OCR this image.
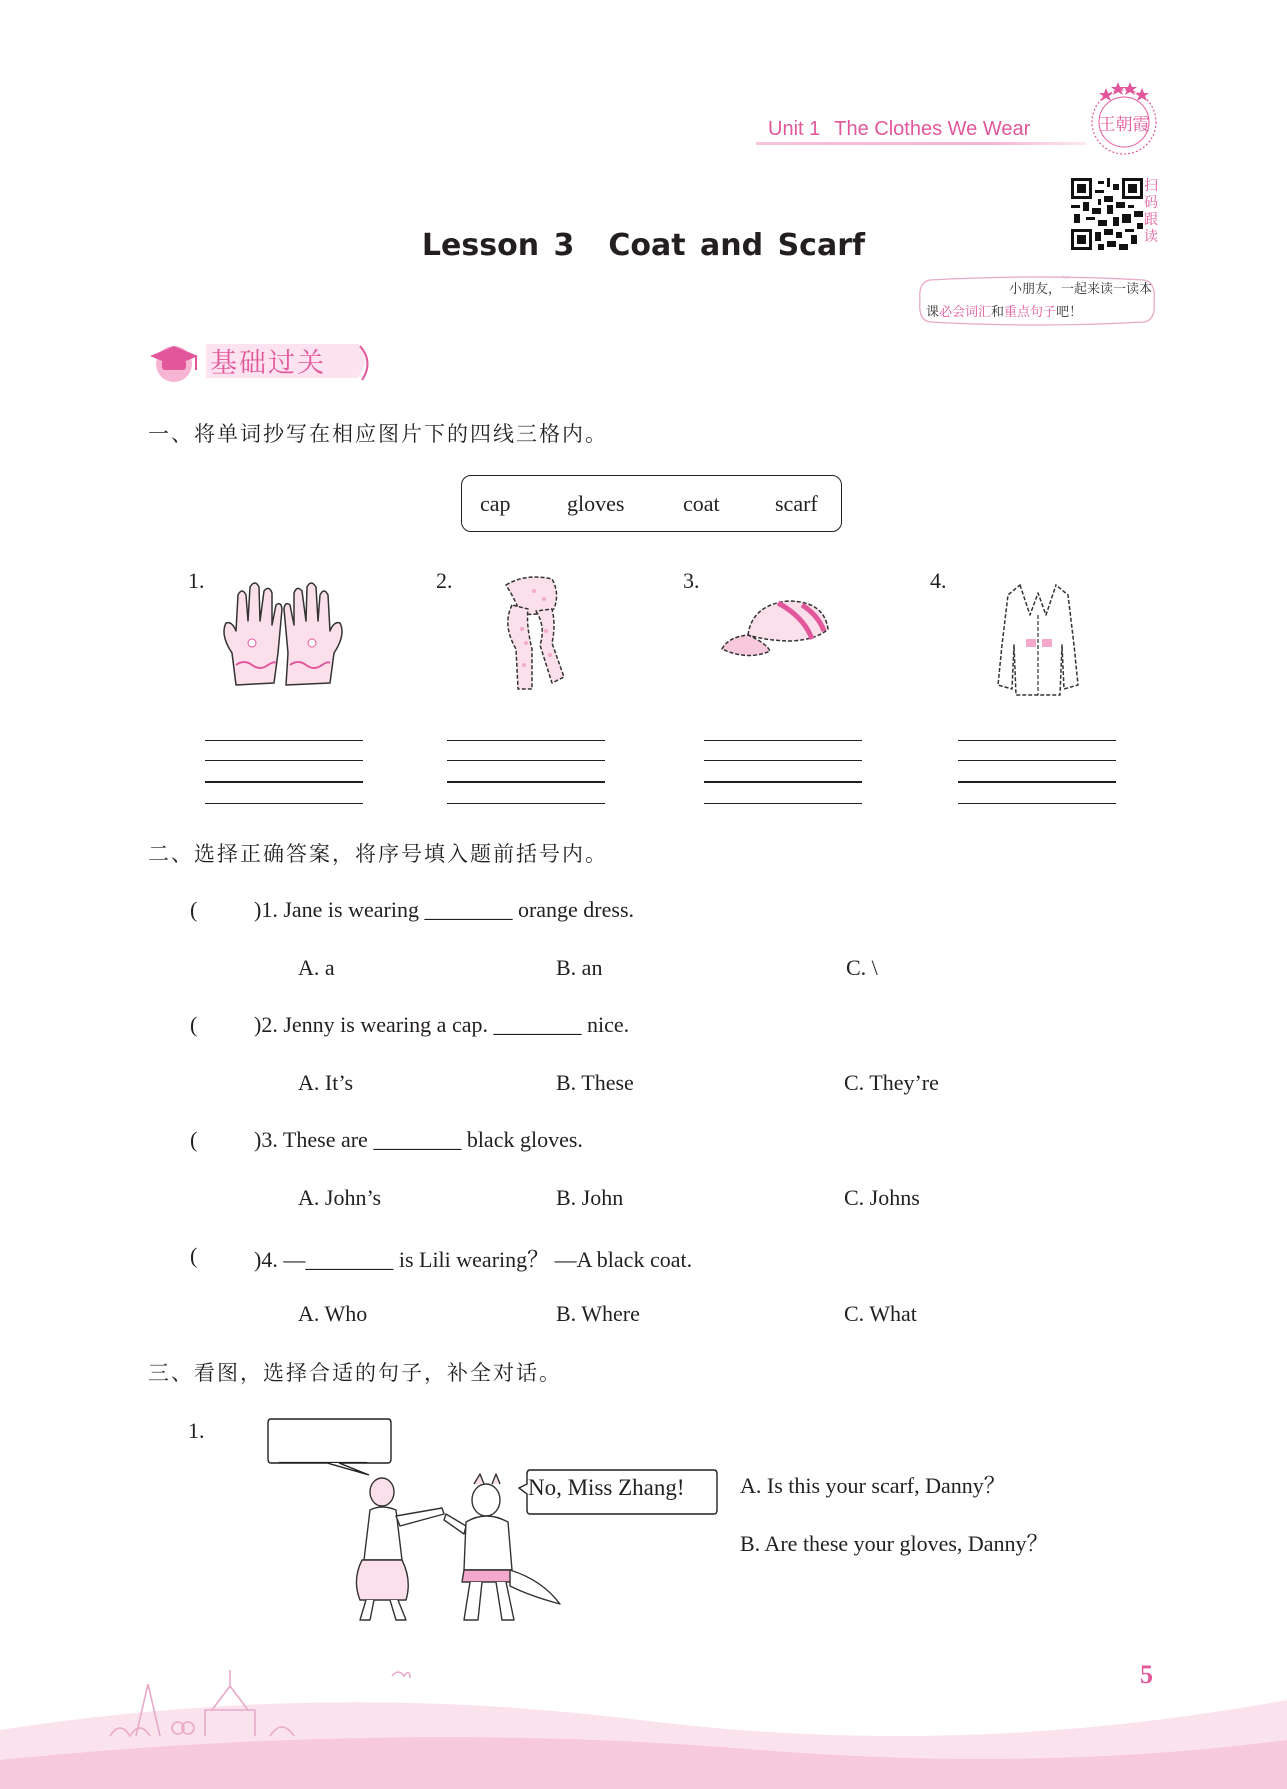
Unit 1 The Clothes We Wear	王朝霞
扫
码
跟
读
Lesson 3 Coat and Scarf
小朋友，一起来读一读本
课必会词汇和重点句子吧！
基础过关
一、将单词抄写在相应图片下的四线三格内。
cap	gloves	coat	scarf
1.	2.	3.	4.
二、选择正确答案，将序号填入题前括号内。
(	)1. Jane is wearing ________ orange dress.
A. a	B. an	C. \
(	)2. Jenny is wearing a cap. ________ nice.
A. It’s	B. These	C. They’re
(	)3. These are ________ black gloves.
A. John’s	B. John	C. Johns
(	)4. —________ is Lili wearing？ —A black coat.
A. Who	B. Where	C. What
三、看图，选择合适的句子，补全对话。
1.
________
No, Miss Zhang!	A. Is this your scarf, Danny？
B. Are these your gloves, Danny？
5
